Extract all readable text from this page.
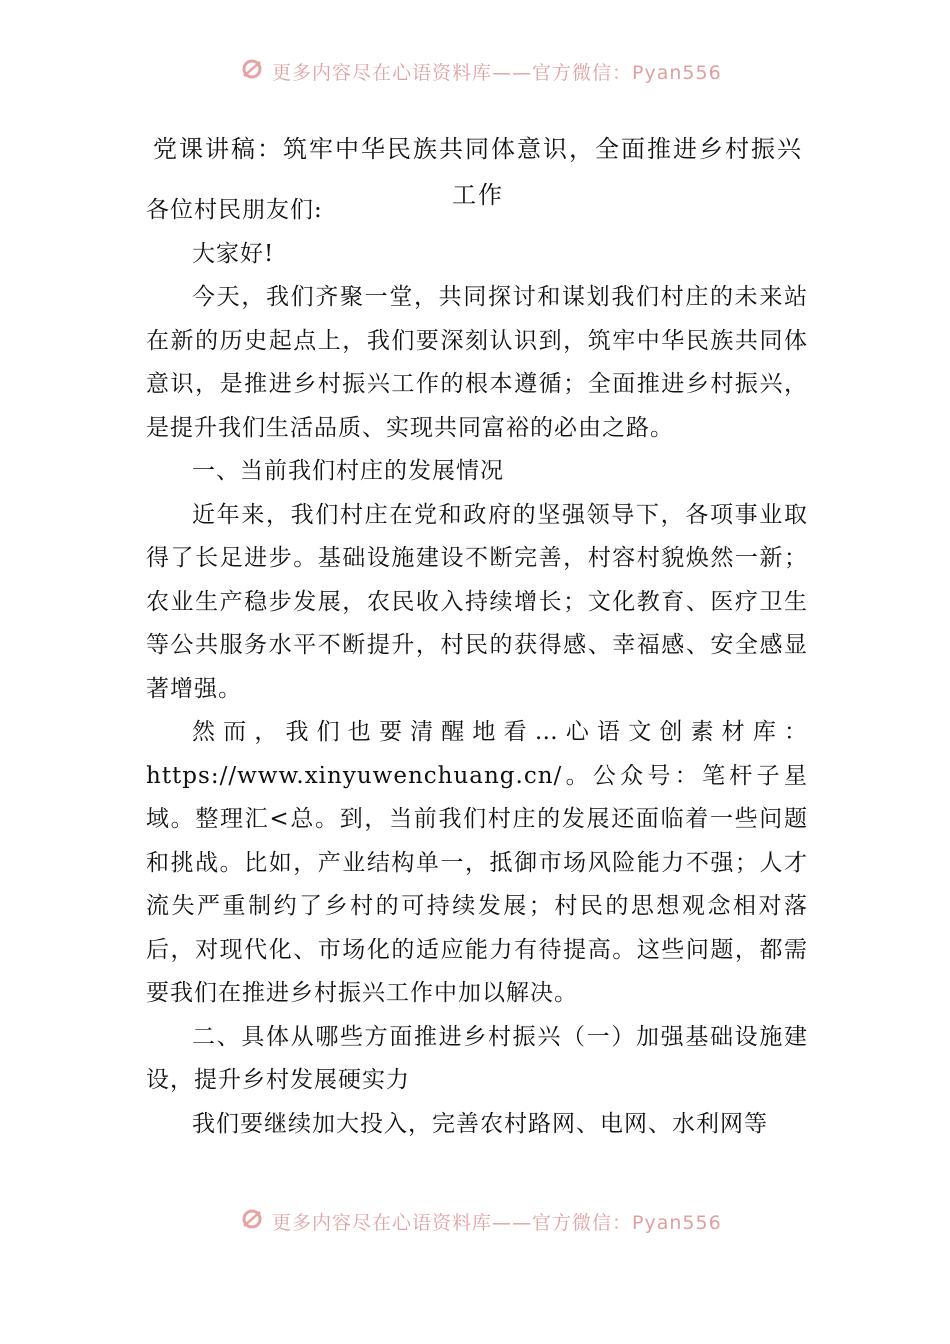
更多内容尽在心语资料库——官方微信：Pyan556
党课讲稿：筑牢中华民族共同体意识，全面推进乡村振兴
工作

各位村民朋友们:

大家好!

今天，我们齐聚一堂，共同探讨和谋划我们村庄的未来站在新的历史起点上，我们要深刻认识到，筑牢中华民族共同体意识，是推进乡村振兴工作的根本遵循；全面推进乡村振兴，是提升我们生活品质、实现共同富裕的必由之路。

一、当前我们村庄的发展情况

近年来，我们村庄在党和政府的坚强领导下，各项事业取得了长足进步。基础设施建设不断完善，村容村貌焕然一新；农业生产稳步发展，农民收入持续增长；文化教育、医疗卫生等公共服务水平不断提升，村民的获得感、幸福感、安全感显著增强。

然而，我们也要清醒地看…心语文创素材库：https://www.xinyuwenchuang.cn/。公众号：笔杆子星域。整理汇<总。到，当前我们村庄的发展还面临着一些问题和挑战。比如，产业结构单一，抵御市场风险能力不强；人才流失严重制约了乡村的可持续发展；村民的思想观念相对落后，对现代化、市场化的适应能力有待提高。这些问题，都需要我们在推进乡村振兴工作中加以解决。

二、具体从哪些方面推进乡村振兴（一）加强基础设施建设，提升乡村发展硬实力

我们要继续加大投入，完善农村路网、电网、水利网等

更多内容尽在心语资料库——官方微信：Pyan556
